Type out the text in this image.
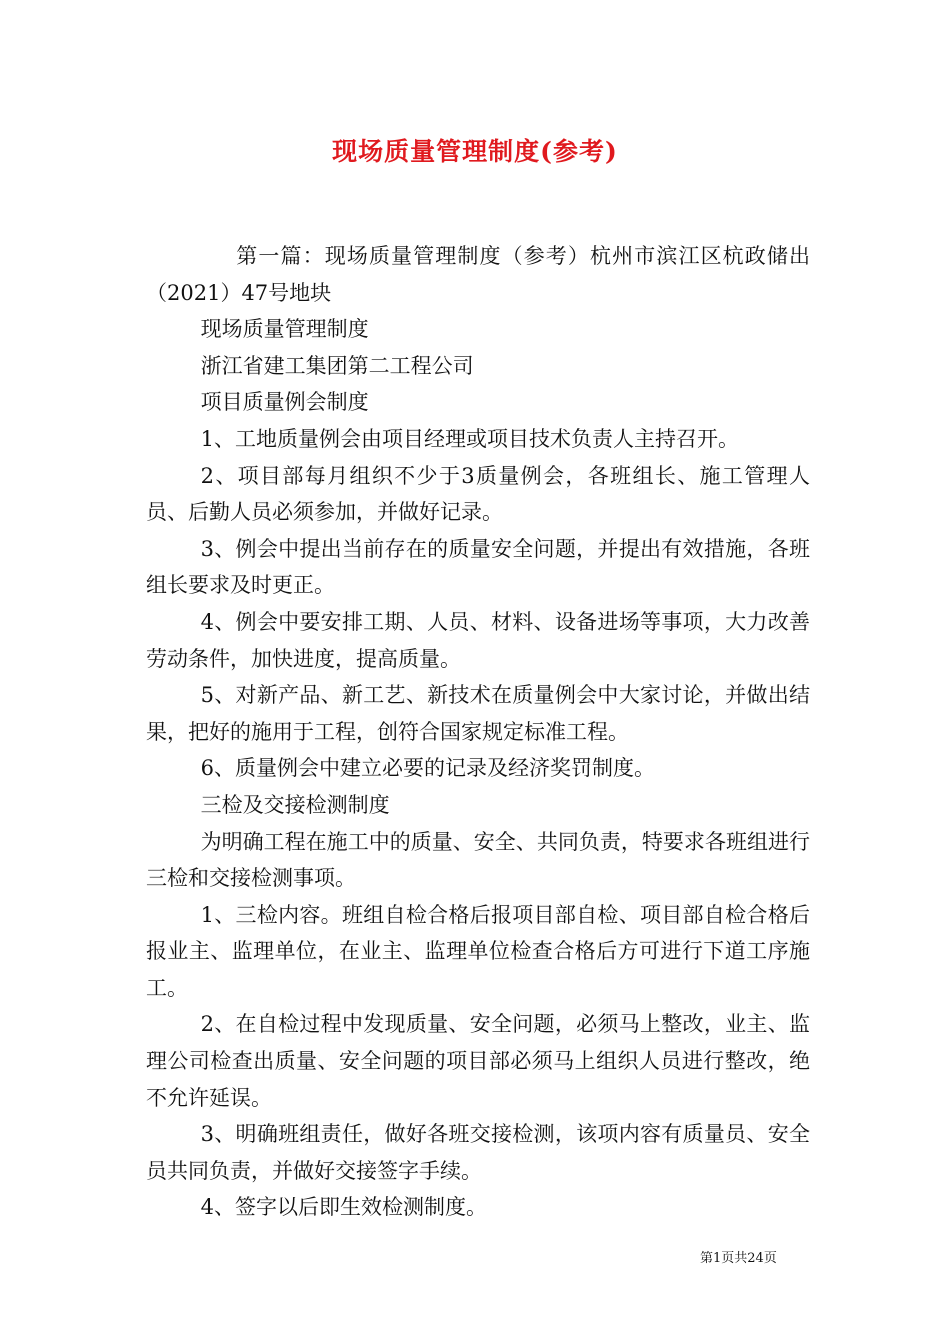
现场质量管理制度(参考)

第一篇：现场质量管理制度（参考）杭州市滨江区杭政储出（2021）47号地块

现场质量管理制度

浙江省建工集团第二工程公司

项目质量例会制度

1、工地质量例会由项目经理或项目技术负责人主持召开。

2、项目部每月组织不少于3质量例会，各班组长、施工管理人员、后勤人员必须参加，并做好记录。

3、例会中提出当前存在的质量安全问题，并提出有效措施，各班组长要求及时更正。

4、例会中要安排工期、人员、材料、设备进场等事项，大力改善劳动条件，加快进度，提高质量。

5、对新产品、新工艺、新技术在质量例会中大家讨论，并做出结果，把好的施用于工程，创符合国家规定标准工程。

6、质量例会中建立必要的记录及经济奖罚制度。

三检及交接检测制度

为明确工程在施工中的质量、安全、共同负责，特要求各班组进行三检和交接检测事项。

1、三检内容。班组自检合格后报项目部自检、项目部自检合格后报业主、监理单位，在业主、监理单位检查合格后方可进行下道工序施工。

2、在自检过程中发现质量、安全问题，必须马上整改，业主、监理公司检查出质量、安全问题的项目部必须马上组织人员进行整改，绝不允许延误。

3、明确班组责任，做好各班交接检测，该项内容有质量员、安全员共同负责，并做好交接签字手续。

4、签字以后即生效检测制度。

第1页共24页
